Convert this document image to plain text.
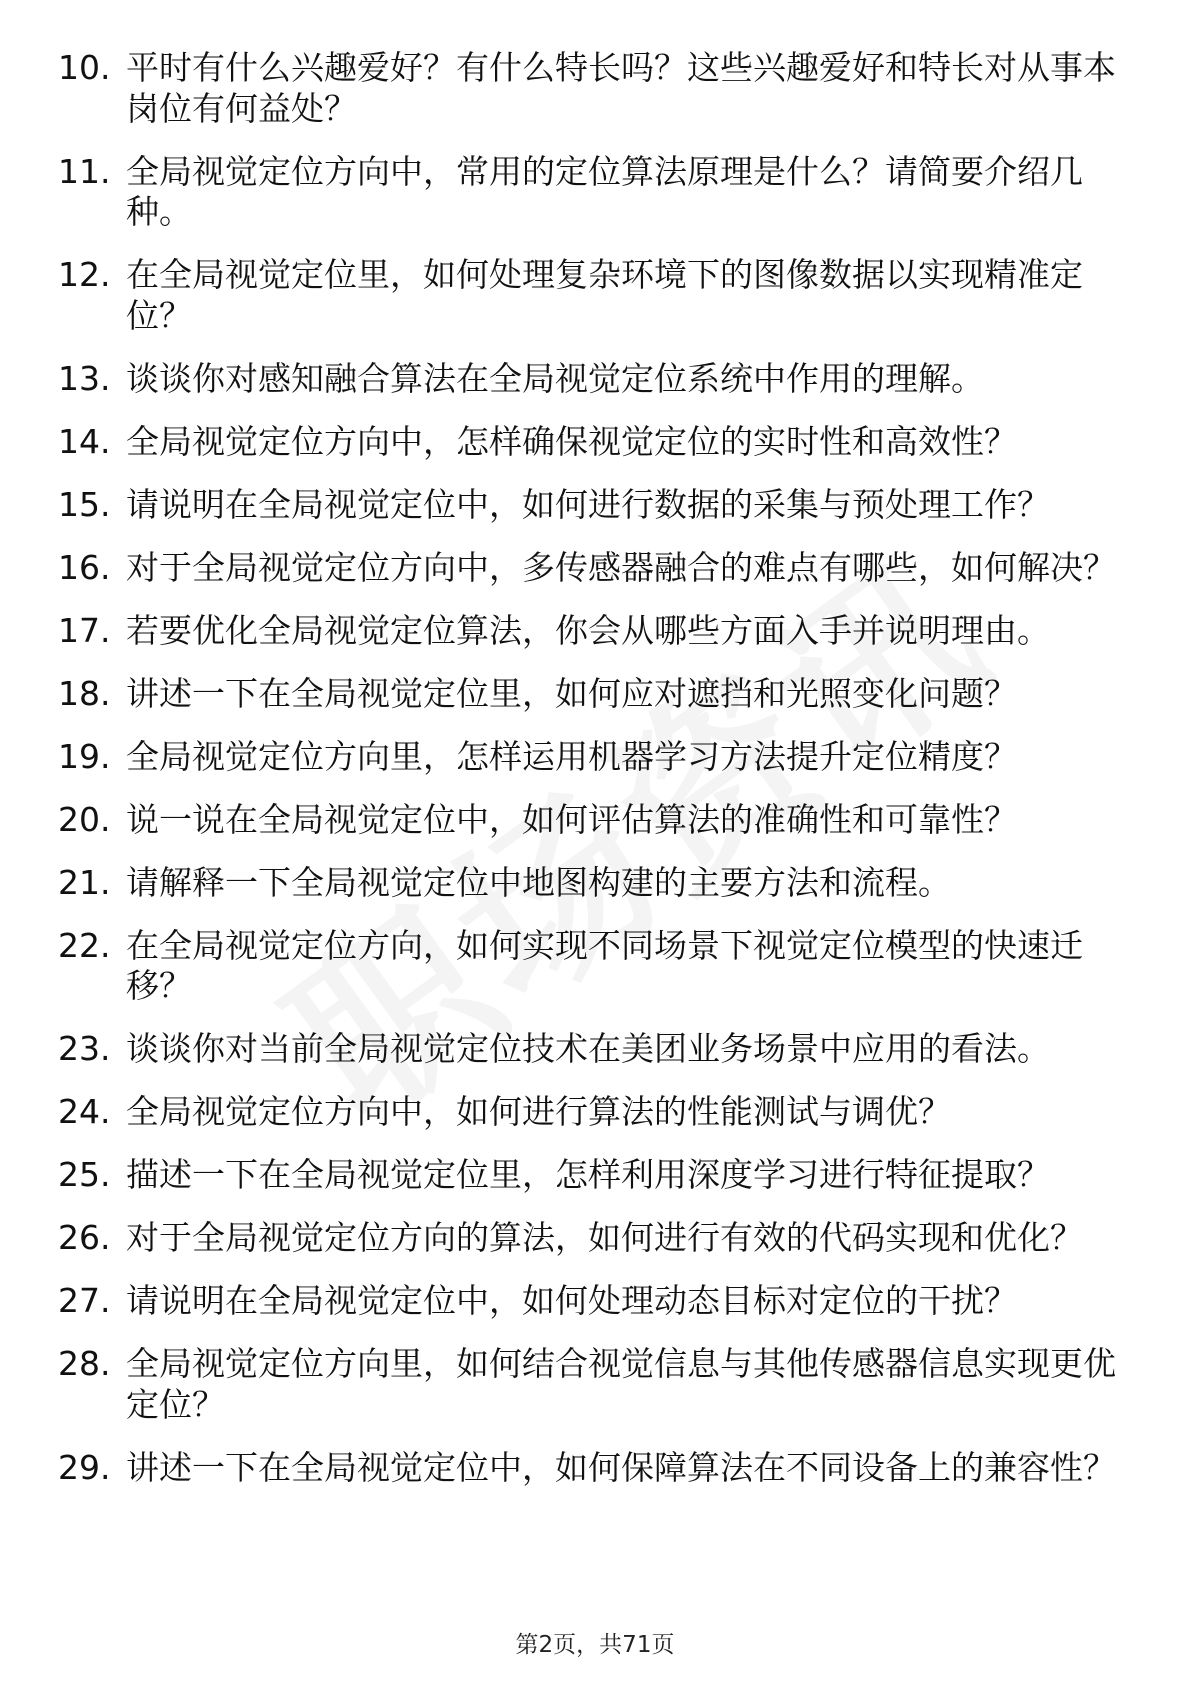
10. 平时有什么兴趣爱好？有什么特长吗？这些兴趣爱好和特长对从事本岗位有何益处？
11. 全局视觉定位方向中，常用的定位算法原理是什么？请简要介绍几种。
12. 在全局视觉定位里，如何处理复杂环境下的图像数据以实现精准定位？
13. 谈谈你对感知融合算法在全局视觉定位系统中作用的理解。
14. 全局视觉定位方向中，怎样确保视觉定位的实时性和高效性？
15. 请说明在全局视觉定位中，如何进行数据的采集与预处理工作？
16. 对于全局视觉定位方向中，多传感器融合的难点有哪些，如何解决？
17. 若要优化全局视觉定位算法，你会从哪些方面入手并说明理由。
18. 讲述一下在全局视觉定位里，如何应对遮挡和光照变化问题？
19. 全局视觉定位方向里，怎样运用机器学习方法提升定位精度？
20. 说一说在全局视觉定位中，如何评估算法的准确性和可靠性？
21. 请解释一下全局视觉定位中地图构建的主要方法和流程。
22. 在全局视觉定位方向，如何实现不同场景下视觉定位模型的快速迁移？
23. 谈谈你对当前全局视觉定位技术在美团业务场景中应用的看法。
24. 全局视觉定位方向中，如何进行算法的性能测试与调优？
25. 描述一下在全局视觉定位里，怎样利用深度学习进行特征提取？
26. 对于全局视觉定位方向的算法，如何进行有效的代码实现和优化？
27. 请说明在全局视觉定位中，如何处理动态目标对定位的干扰？
28. 全局视觉定位方向里，如何结合视觉信息与其他传感器信息实现更优定位？
29. 讲述一下在全局视觉定位中，如何保障算法在不同设备上的兼容性？
第2页，共71页
